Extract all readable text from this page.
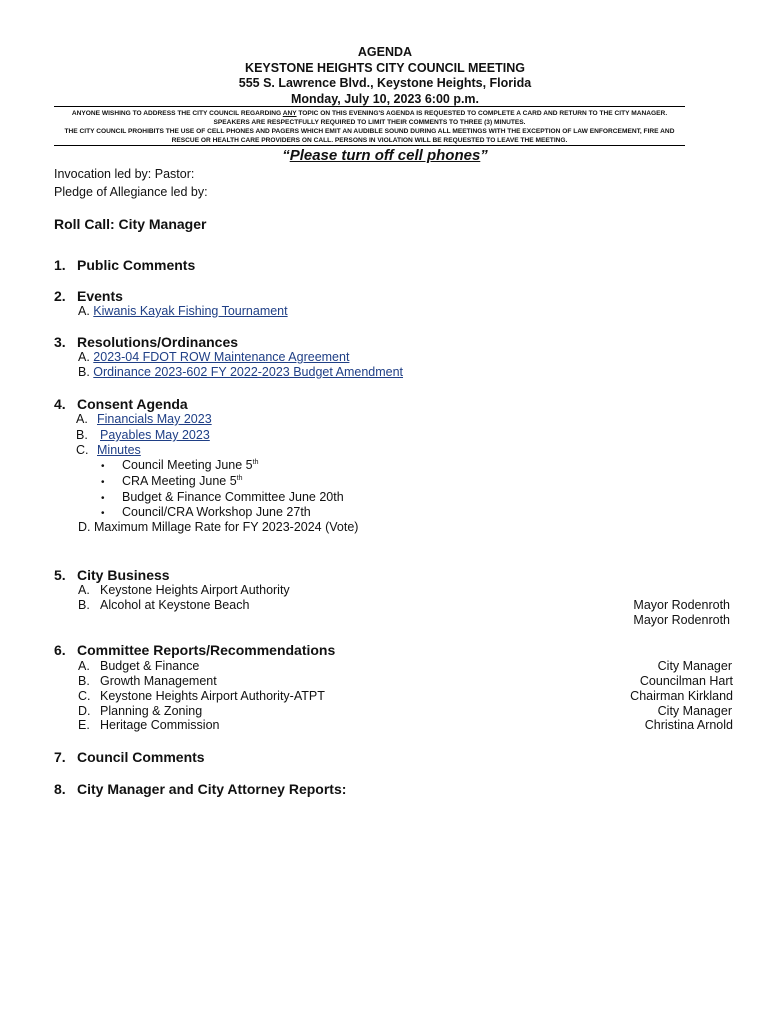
AGENDA
KEYSTONE HEIGHTS CITY COUNCIL MEETING
555 S. Lawrence Blvd., Keystone Heights, Florida
Monday, July 10, 2023 6:00 p.m.
ANYONE WISHING TO ADDRESS THE CITY COUNCIL REGARDING ANY TOPIC ON THIS EVENING'S AGENDA IS REQUESTED TO COMPLETE A CARD AND RETURN TO THE CITY MANAGER. SPEAKERS ARE RESPECTFULLY REQUIRED TO LIMIT THEIR COMMENTS TO THREE (3) MINUTES.
THE CITY COUNCIL PROHIBITS THE USE OF CELL PHONES AND PAGERS WHICH EMIT AN AUDIBLE SOUND DURING ALL MEETINGS WITH THE EXCEPTION OF LAW ENFORCEMENT, FIRE AND RESCUE OR HEALTH CARE PROVIDERS ON CALL. PERSONS IN VIOLATION WILL BE REQUESTED TO LEAVE THE MEETING.
“Please turn off cell phones”
Invocation led by: Pastor:
Pledge of Allegiance led by:
Roll Call: City Manager
1. Public Comments
2. Events
A. Kiwanis Kayak Fishing Tournament
3. Resolutions/Ordinances
A. 2023-04 FDOT ROW Maintenance Agreement
B. Ordinance 2023-602 FY 2022-2023 Budget Amendment
4. Consent Agenda
A. Financials May 2023
B. Payables May 2023
C. Minutes
• Council Meeting June 5th
• CRA Meeting June 5th
• Budget & Finance Committee June 20th
• Council/CRA Workshop June 27th
D. Maximum Millage Rate for FY 2023-2024 (Vote)
5. City Business
A. Keystone Heights Airport Authority
B. Alcohol at Keystone Beach	Mayor Rodenroth
Mayor Rodenroth
6. Committee Reports/Recommendations
A. Budget & Finance	City Manager
B. Growth Management	Councilman Hart
C. Keystone Heights Airport Authority-ATPT	Chairman Kirkland
D. Planning & Zoning	City Manager
E. Heritage Commission	Christina Arnold
7. Council Comments
8. City Manager and City Attorney Reports:
